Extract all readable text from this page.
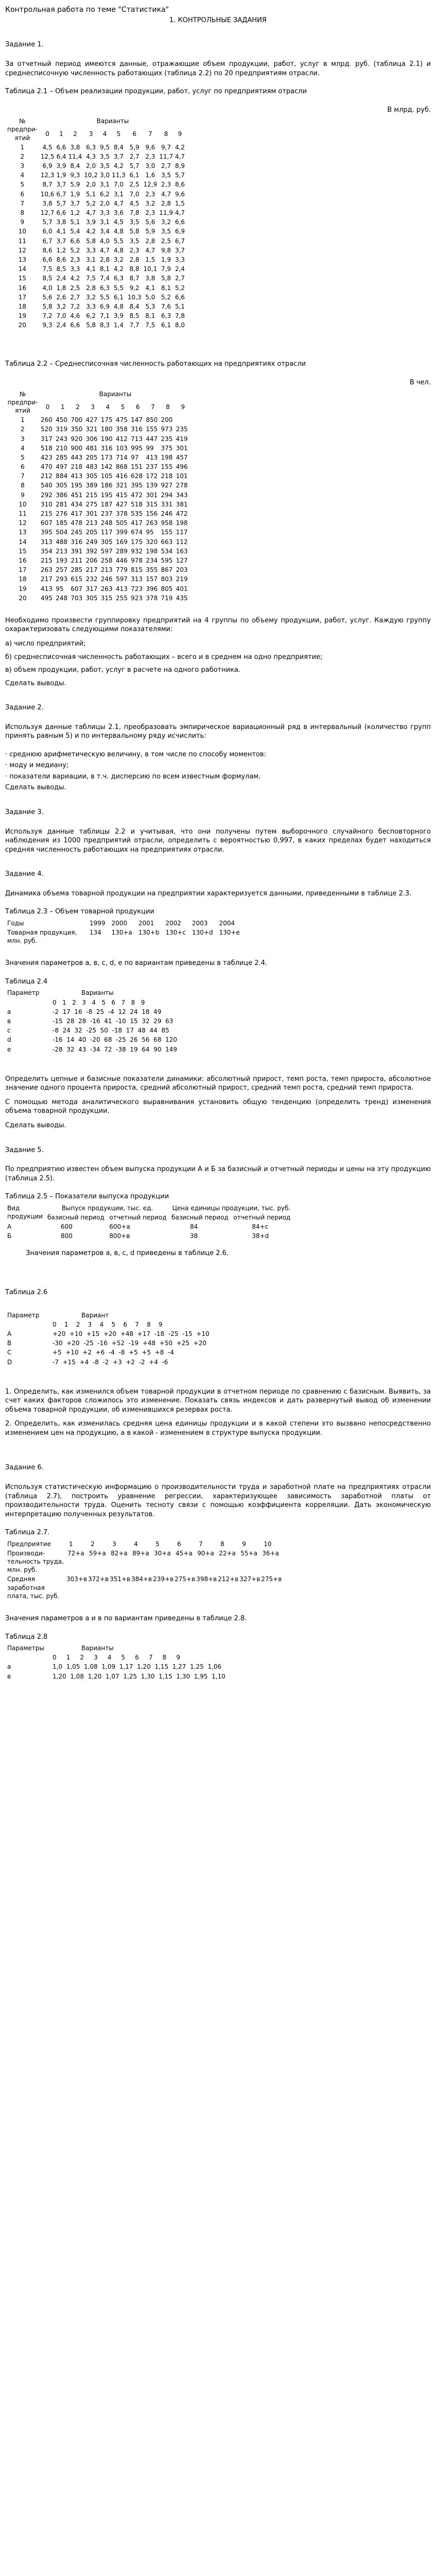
Контрольная работа по теме "Статистика"
1. КОНТРОЛЬНЫЕ ЗАДАНИЯ
Задание 1.
За отчетный период имеются данные, отражающие объем продукции, работ, услуг в млрд. руб. (таблица 2.1) и среднесписочную численность работающих (таблица 2.2) по 20 предприятиям отрасли.
Таблица 2.1 – Объем реализации продукции, работ, услуг по предприятиям отрасли
В млрд. руб.
№ предпри-ятий	Варианты									
	0	1	2	3	4	5	6	7	8	9
1	4,5	6,6	3,8	6,3	9,5	8,4	5,9	9,6	9,7	4,2
2	12,5	6,4	11,4	4,3	3,5	3,7	2,7	2,3	11,7	4,7
3	6,9	3,9	8,4	2,0	3,5	4,2	5,7	3,0	2,7	8,9
4	12,3	1,9	9,3	10,2	3,0	11,3	6,1	1,6	3,5	5,7
5	8,7	3,7	5,9	2,0	3,1	7,0	2,5	12,9	2,3	8,6
6	10,6	6,7	1,9	5,1	6,2	3,1	7,0	2,3	4,7	9,6
7	3,8	5,7	3,7	5,2	2,0	4,7	4,5	3,2	2,8	1,5
8	12,7	6,6	1,2	4,7	3,3	3,6	7,8	2,3	11,9	4,7
9	5,7	3,8	5,1	3,9	3,1	4,5	3,5	5,6	3,2	6,6
10	6,0	4,1	5,4	4,2	3,4	4,8	5,8	5,9	3,5	6,9
11	6,7	3,7	6,6	5,8	4,0	5,5	3,5	2,8	2,5	6,7
12	8,6	1,2	5,2	3,3	4,7	4,8	2,3	4,7	9,8	3,7
13	6,6	8,6	2,3	3,1	2,8	3,2	2,8	1,5	1,9	3,3
14	7,5	8,5	3,3	4,1	8,1	4,2	8,8	10,1	7,9	2,4
15	8,5	2,4	4,2	7,5	7,4	6,3	8,7	3,8	5,8	2,7
16	4,0	1,8	2,5	2,8	6,3	5,5	9,2	4,1	8,1	5,2
17	5,6	2,6	2,7	3,2	5,5	6,1	10,3	5,0	5,2	6,6
18	5,8	3,2	7,2	3,3	6,9	4,8	8,4	5,3	7,6	5,1
19	7,2	7,0	4,6	6,2	7,1	3,9	8,5	8,1	6,3	7,8
20	9,3	2,4	6,6	5,8	8,3	1,4	7,7	7,5	6,1	8,0
Таблица 2.2 – Среднесписочная численность работающих на предприятиях отрасли
В чел.
№ предпри-ятий	Варианты									
	0	1	2	3	4	5	6	7	8	9
1	260	450	700	427	175	475	147	850	200	
2	520	319	350	321	180	358	316	155	973	235
3	317	243	920	306	190	412	713	447	235	419
4	518	210	900	481	316	103	995	99	375	301
5	423	285	443	205	173	714	97	413	198	457
6	470	497	218	483	142	868	151	237	155	496
7	212	884	413	305	105	416	628	172	218	101
8	540	305	195	389	186	321	395	139	927	278
9	292	386	451	215	195	415	472	301	294	343
10	310	281	434	275	187	427	518	315	331	381
11	215	276	417	301	237	378	535	156	246	472
12	607	185	478	213	248	505	417	263	958	198
13	395	504	245	205	117	399	674	95	155	117
14	313	488	316	249	305	169	175	320	663	112
15	354	213	391	392	597	289	932	198	534	163
16	215	193	211	206	258	446	978	234	595	127
17	263	257	285	217	213	779	815	355	867	203
18	217	293	615	232	246	597	313	157	803	219
19	413	95	607	317	263	413	723	396	805	401
20	495	248	703	305	315	255	923	378	719	435
Необходимо произвести группировку предприятий на 4 группы по объему продукции, работ, услуг. Каждую группу охарактеризовать следующими показателями:
а) число предприятий;
б) среднесписочная численность работающих – всего и в среднем на одно предприятие;
в) объем продукции, работ, услуг в расчете на одного работника.
Сделать выводы.
Задание 2.
Используя данные таблицы 2.1, преобразовать эмпирическое вариационный ряд в интервальный (количество групп принять равным 5) и по интервальному ряду исчислить:
· среднюю арифметическую величину, в том числе по способу моментов:
· моду и медиану;
· показатели вариации, в т.ч. дисперсию по всем известным формулам.
Сделать выводы.
Задание 3.
Используя данные таблицы 2.2 и учитывая, что они получены путем выборочного случайного бесповторного наблюдения из 1000 предприятий отрасли, определить с вероятностью 0,997, в каких пределах будет находиться средняя численность работающих на предприятиях отрасли.
Задание 4.
Динамика объема товарной продукции на предприятии характеризуется данными, приведенными в таблице 2.3.
Таблица 2.3 – Объем товарной продукции
Годы	1999	2000	2001	2002	2003	2004
Товарная продукция, млн. руб.	134	130+a	130+b	130+c	130+d	130+e
Значения параметров a, в, c, d, e по вариантам приведены в таблице 2.4.
Таблица 2.4
Параметр	Варианты
	0   1   2   3   4   5   6   7   8   9
a	-2  17  16  -8  25  -4  12  24  18  49
в	-15  28  28  -16  41  -10  15  32  29  63
c	-8  24  32  -25  50  -18  17  48  44  85
d	-16  14  40  -20  68  -25  26  56  68  120
e	-28  32  43  -34  72  -38  19  64  90  149
Определить цепные и базисные показатели динамики: абсолютный прирост, темп роста, темп прироста, абсолютное значение одного процента прироста, средний абсолютный прирост, средний темп роста, средний темп прироста.
С помощью метода аналитического выравнивания установить общую тенденцию (определить тренд) изменения объема товарной продукции.
Сделать выводы.
Задание 5.
По предприятию известен объем выпуска продукции А и Б за базисный и отчетный периоды и цены на эту продукцию (таблица 2.5).
Таблица 2.5 – Показатели выпуска продукции
Вид продукции	Выпуск продукции, тыс. ед.		Цена единицы продукции, тыс. руб.	
	базисный период	отчетный период	базисный период	отчетный период
А	600	600+a	84	84+c
Б	800	800+в	38	38+d
Значения параметров a, в, c, d приведены в таблице 2.6.
Таблица 2.6
Параметр	Вариант
	0    1    2    3    4    5    6    7    8    9
A	+20  +10  +15  +20  +48  +17  -18  -25  -15  +10
B	-30  +20  -25  -16  +52  -19  +48  +50  +25  +20
C	+5  +10  +2  +6  -4  -8  +5  +5  +8  -4
D	-7  +15  +4  -8  -2  +3  +2  -2  +4  -6
1. Определить, как изменился объем товарной продукции в отчетном периоде по сравнению с базисным. Выявить, за счет каких факторов сложилось это изменение. Показать связь индексов и дать развернутый вывод об изменении объема товарной продукции, об изменившихся резервах роста.
2. Определить, как изменилась средняя цена единицы продукции и в какой степени это вызвано непосредственно изменением цен на продукцию, а в какой - изменением в структуре выпуска продукции.
Задание 6.
Используя статистическую информацию о производительности труда и заработной плате на предприятиях отрасли (таблица 2.7), построить уравнение регрессии, характеризующее зависимость заработной платы от производительности труда. Оценить тесноту связи с помощью коэффициента корреляции. Дать экономическую интерпретацию полученных результатов.
Таблица 2.7.
Предприятие	1	2	3	4	5	6	7	8	9	10
Производи-тельность труда, млн. руб.	72+a	59+a	82+a	89+a	30+a	45+a	90+a	22+a	55+a	36+a
Средняя заработная плата, тыс. руб.	303+в	372+в	351+в	384+в	239+в	275+в	398+в	212+в	327+в	275+в
Значения параметров a и в по вариантам приведены в таблице 2.8.
Таблица 2.8
Параметры	Варианты
	0     1     2     3     4     5     6     7     8     9
a	1,0  1,05  1,08  1,09  1,17  1,20  1,15  1,27  1,25  1,06
в	1,20  1,08  1,20  1,07  1,25  1,30  1,15  1,30  1,95  1,10
